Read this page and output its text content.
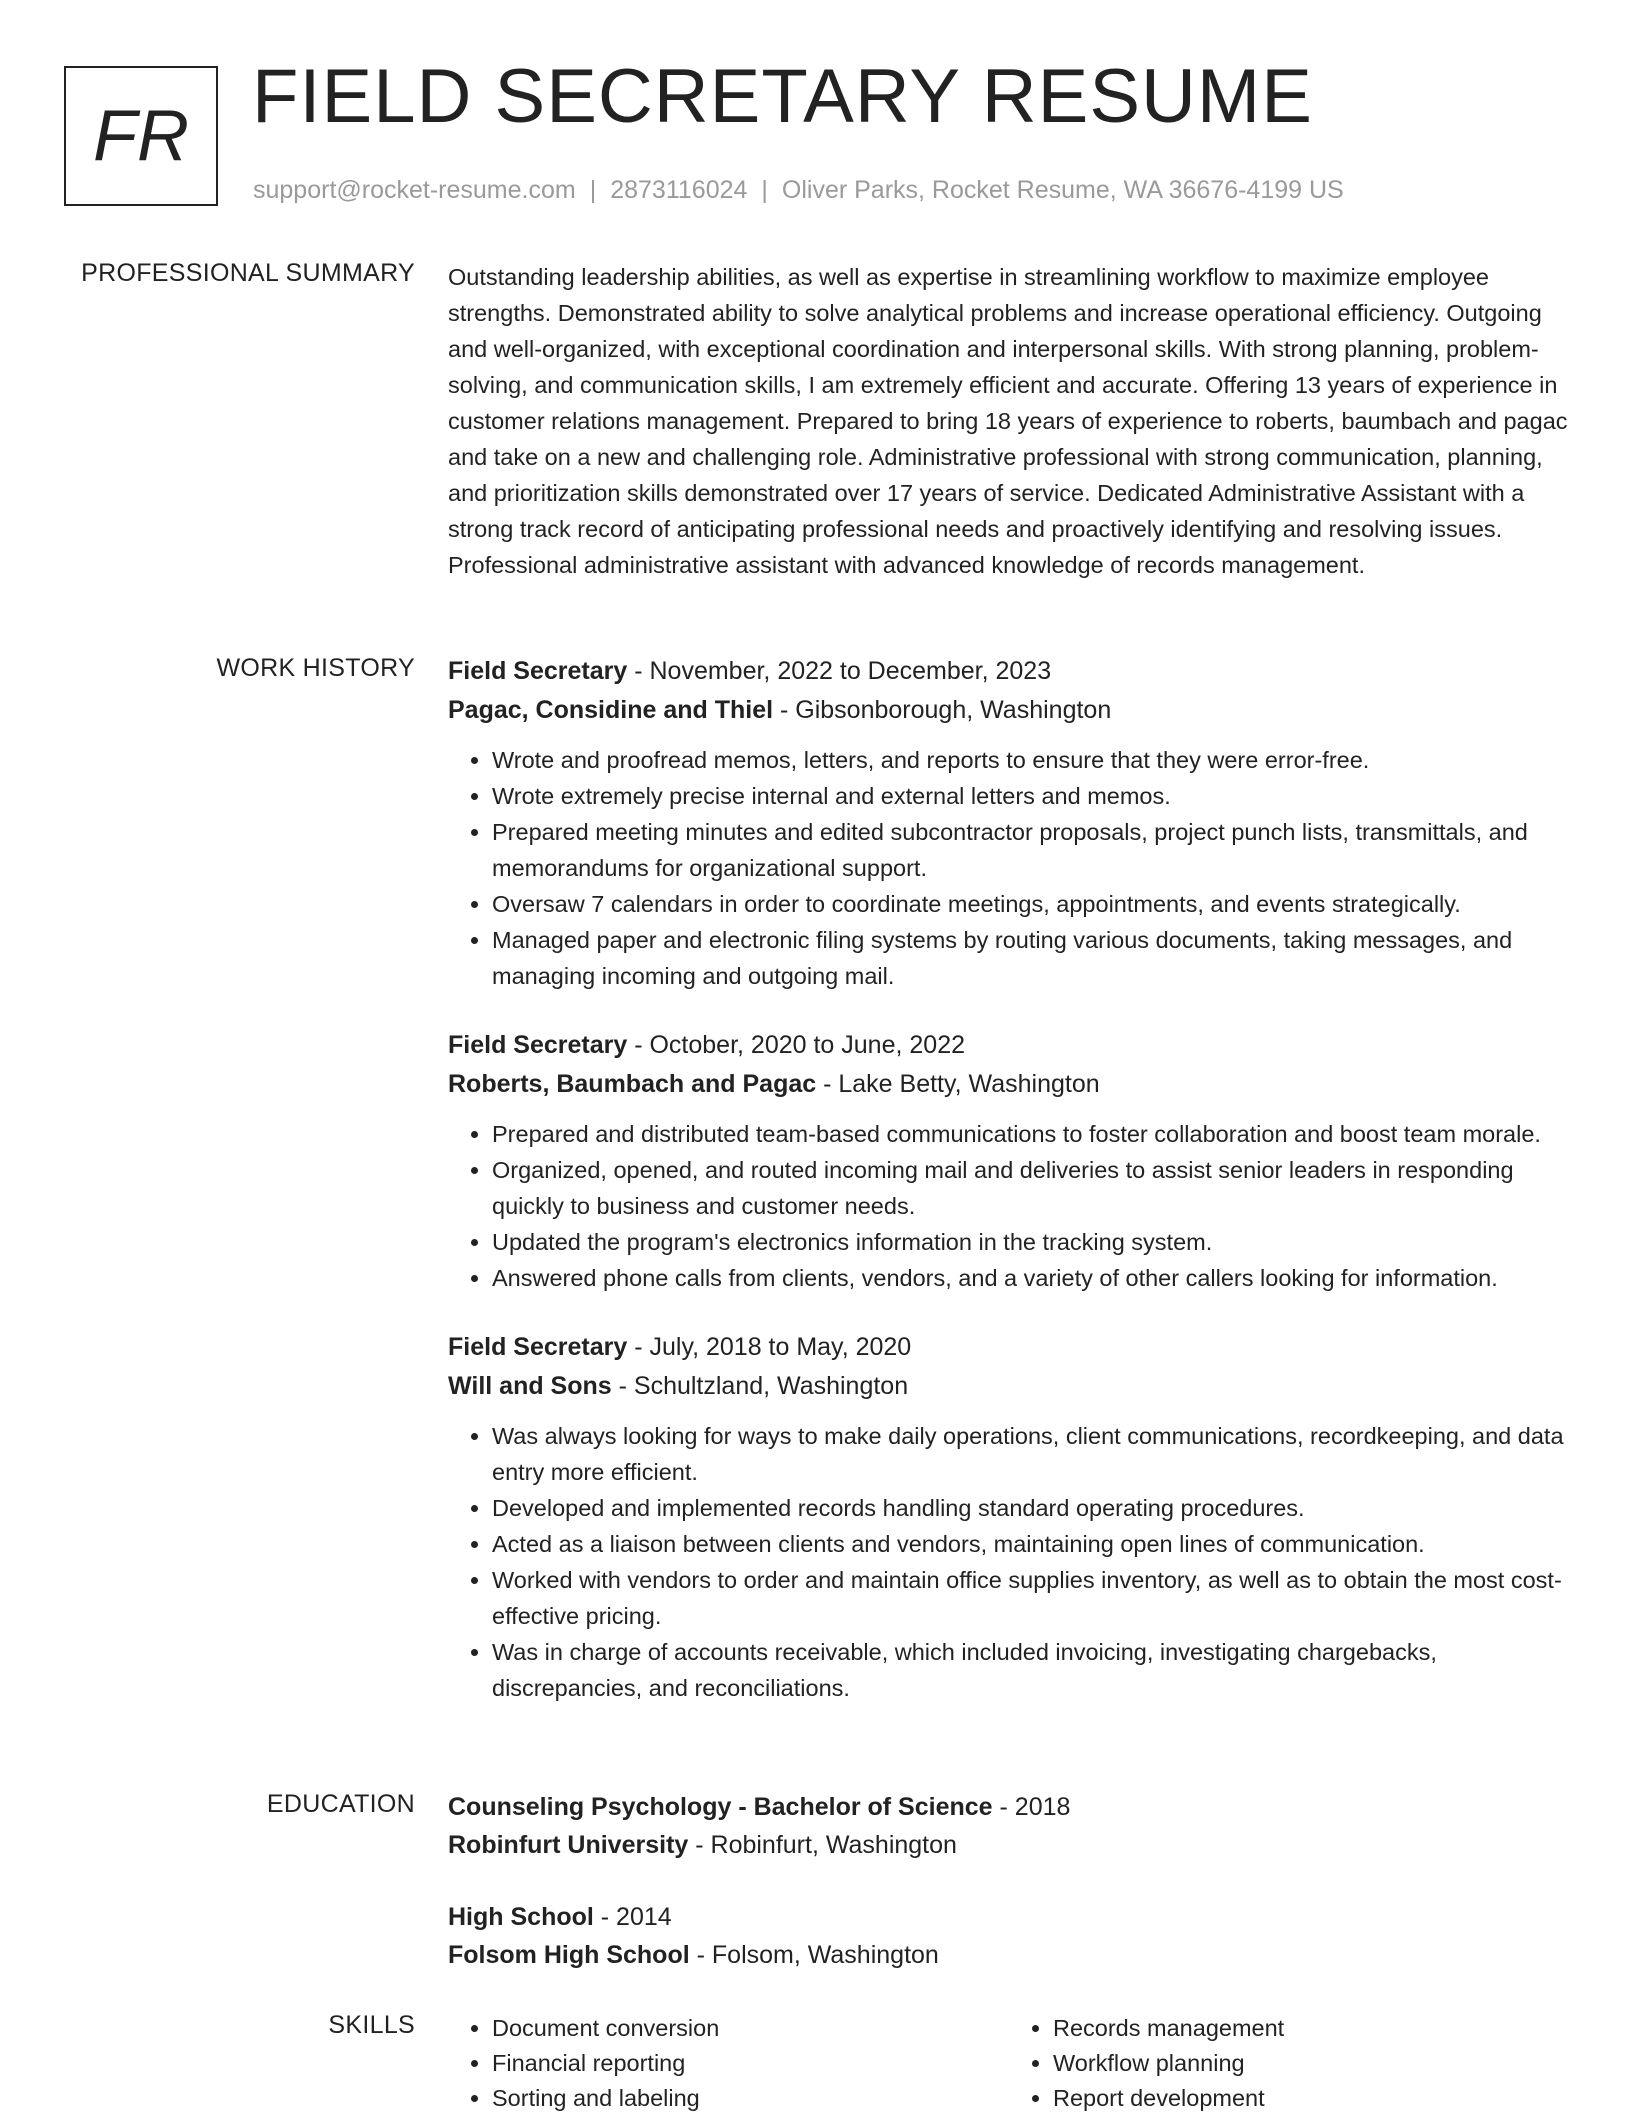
FR FIELD SECRETARY RESUME
support@rocket-resume.com | 2873116024 | Oliver Parks, Rocket Resume, WA 36676-4199 US
PROFESSIONAL SUMMARY Outstanding leadership abilities, as well as expertise in streamlining workflow to maximize employee strengths. Demonstrated ability to solve analytical problems and increase operational efficiency. Outgoing and well-organized, with exceptional coordination and interpersonal skills. With strong planning, problem-solving, and communication skills, I am extremely efficient and accurate. Offering 13 years of experience in customer relations management. Prepared to bring 18 years of experience to roberts, baumbach and pagac and take on a new and challenging role. Administrative professional with strong communication, planning, and prioritization skills demonstrated over 17 years of service. Dedicated Administrative Assistant with a strong track record of anticipating professional needs and proactively identifying and resolving issues. Professional administrative assistant with advanced knowledge of records management.

WORK HISTORY Field Secretary - November, 2022 to December, 2023
Pagac, Considine and Thiel - Gibsonborough, Washington
• Wrote and proofread memos, letters, and reports to ensure that they were error-free.
• Wrote extremely precise internal and external letters and memos.
• Prepared meeting minutes and edited subcontractor proposals, project punch lists, transmittals, and memorandums for organizational support.
• Oversaw 7 calendars in order to coordinate meetings, appointments, and events strategically.
• Managed paper and electronic filing systems by routing various documents, taking messages, and managing incoming and outgoing mail.
Field Secretary - October, 2020 to June, 2022
Roberts, Baumbach and Pagac - Lake Betty, Washington
• Prepared and distributed team-based communications to foster collaboration and boost team morale.
• Organized, opened, and routed incoming mail and deliveries to assist senior leaders in responding quickly to business and customer needs.
• Updated the program's electronics information in the tracking system.
• Answered phone calls from clients, vendors, and a variety of other callers looking for information.
Field Secretary - July, 2018 to May, 2020
Will and Sons - Schultzland, Washington
• Was always looking for ways to make daily operations, client communications, recordkeeping, and data entry more efficient.
• Developed and implemented records handling standard operating procedures.
• Acted as a liaison between clients and vendors, maintaining open lines of communication.
• Worked with vendors to order and maintain office supplies inventory, as well as to obtain the most cost-effective pricing.
• Was in charge of accounts receivable, which included invoicing, investigating chargebacks, discrepancies, and reconciliations.
EDUCATION Counseling Psychology - Bachelor of Science - 2018
Robinfurt University - Robinfurt, Washington
High School - 2014
Folsom High School - Folsom, Washington
SKILLS
•	Document conversion
• Financial reporting
• Sorting and labeling
• Records management
• Workflow planning
• Report development
